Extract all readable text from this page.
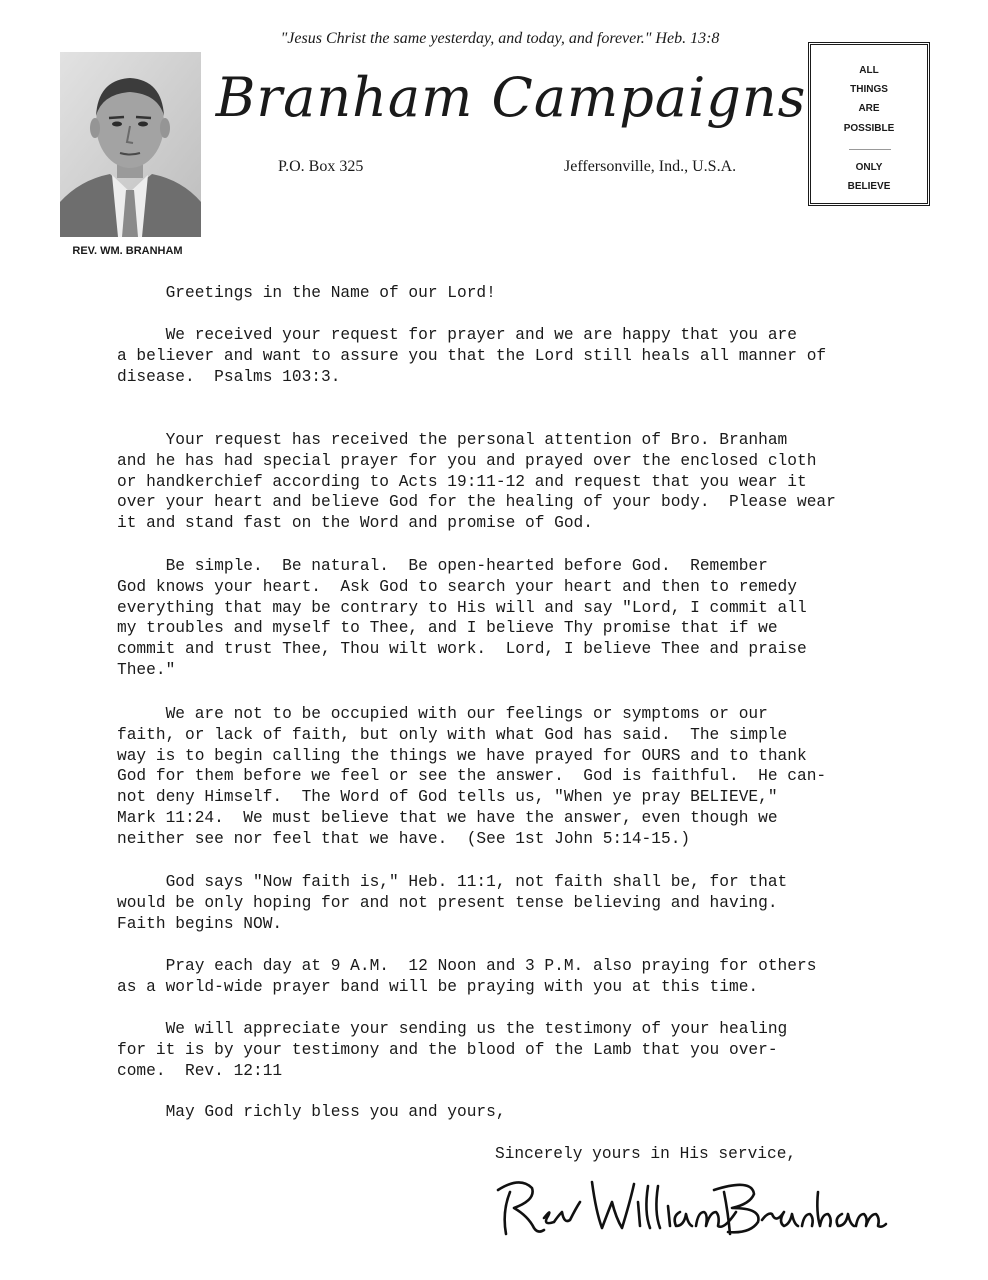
"Jesus Christ the same yesterday, and today, and forever." Heb. 13:8
Branham Campaigns
P.O. Box 325	Jeffersonville, Ind., U.S.A.
REV. WM. BRANHAM
ALL
THINGS
ARE
POSSIBLE
ONLY
BELIEVE

Greetings in the Name of our Lord!

We received your request for prayer and we are happy that you are
a believer and want to assure you that the Lord still heals all manner of
disease.  Psalms 103:3.

Your request has received the personal attention of Bro. Branham
and he has had special prayer for you and prayed over the enclosed cloth
or handkerchief according to Acts 19:11-12 and request that you wear it
over your heart and believe God for the healing of your body.  Please wear
it and stand fast on the Word and promise of God.

Be simple.  Be natural.  Be open-hearted before God.  Remember
God knows your heart.  Ask God to search your heart and then to remedy
everything that may be contrary to His will and say "Lord, I commit all
my troubles and myself to Thee, and I believe Thy promise that if we
commit and trust Thee, Thou wilt work.  Lord, I believe Thee and praise
Thee."

We are not to be occupied with our feelings or symptoms or our
faith, or lack of faith, but only with what God has said.  The simple
way is to begin calling the things we have prayed for OURS and to thank
God for them before we feel or see the answer.  God is faithful.  He can-
not deny Himself.  The Word of God tells us, "When ye pray BELIEVE,"
Mark 11:24.  We must believe that we have the answer, even though we
neither see nor feel that we have.  (See 1st John 5:14-15.)

God says "Now faith is," Heb. 11:1, not faith shall be, for that
would be only hoping for and not present tense believing and having.
Faith begins NOW.

Pray each day at 9 A.M.  12 Noon and 3 P.M. also praying for others
as a world-wide prayer band will be praying with you at this time.

We will appreciate your sending us the testimony of your healing
for it is by your testimony and the blood of the Lamb that you over-
come.  Rev. 12:11

May God richly bless you and yours,

Sincerely yours in His service,
